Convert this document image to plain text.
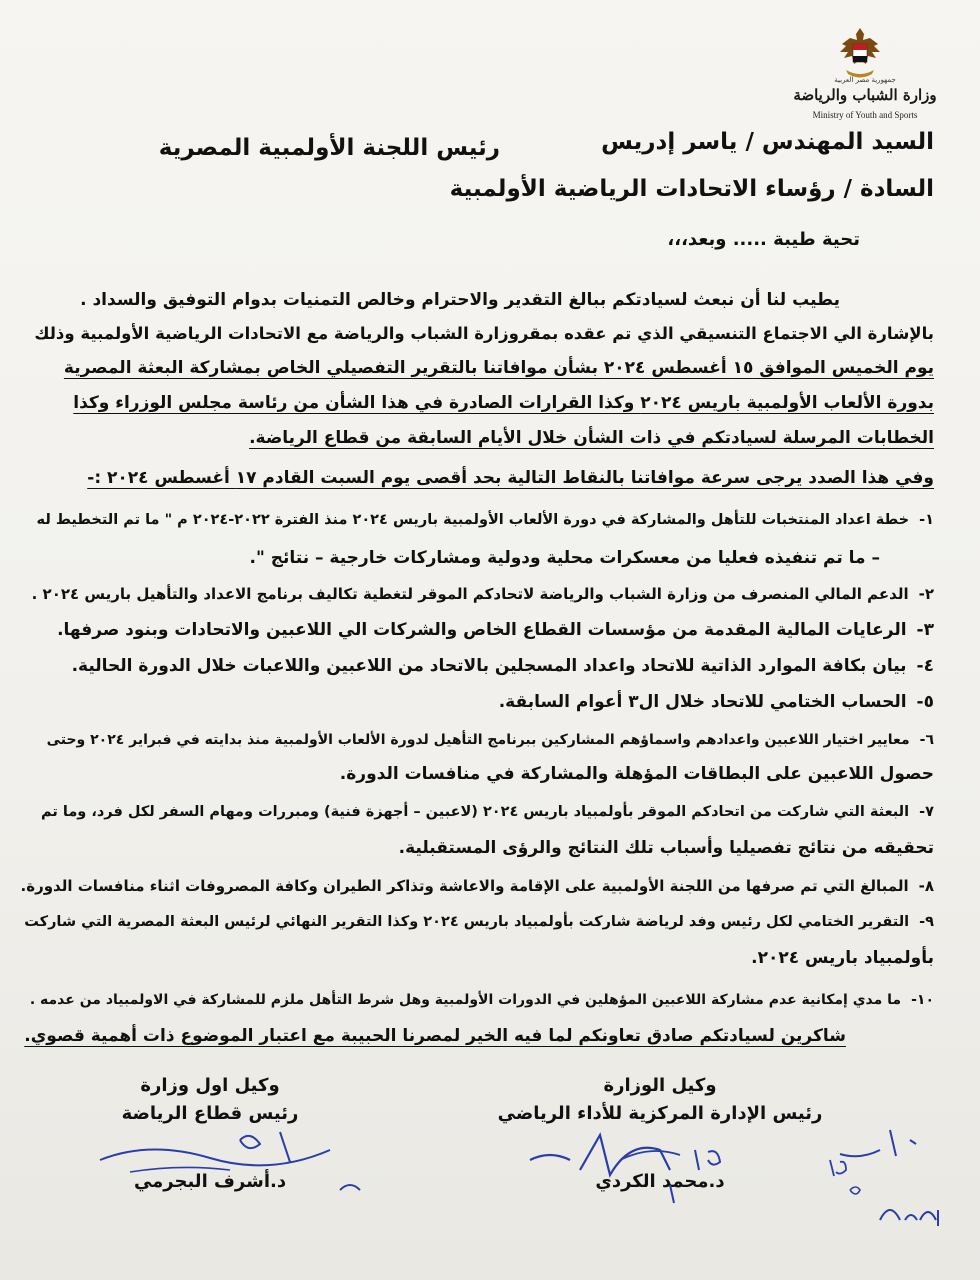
جمهورية مصر العربية
وزارة الشباب والرياضة
Ministry of Youth and Sports
السيد المهندس / ياسر إدريس
رئيس اللجنة الأولمبية المصرية
السادة / رؤساء الاتحادات الرياضية الأولمبية
تحية طيبة ..... وبعد،،،
يطيب لنا أن نبعث لسيادتكم ببالغ التقدير والاحترام وخالص التمنيات بدوام التوفيق والسداد .
بالإشارة الي الاجتماع التنسيقي الذي تم عقده بمقروزارة الشباب والرياضة مع الاتحادات الرياضية الأولمبية وذلك
يوم الخميس الموافق ١٥ أغسطس ٢٠٢٤ بشأن موافاتنا بالتقرير التفصيلي الخاص بمشاركة البعثة المصرية
بدورة الألعاب الأولمبية باريس ٢٠٢٤ وكذا القرارات الصادرة في هذا الشأن من رئاسة مجلس الوزراء وكذا
الخطابات المرسلة لسيادتكم في ذات الشأن خلال الأيام السابقة من قطاع الرياضة.
وفي هذا الصدد يرجى سرعة موافاتنا بالنقاط التالية بحد أقصى يوم السبت القادم ١٧ أغسطس ٢٠٢٤ :-
١-خطة اعداد المنتخبات للتأهل والمشاركة في دورة الألعاب الأولمبية باريس ٢٠٢٤ منذ الفترة ٢٠٢٢-٢٠٢٤ م " ما تم التخطيط له
– ما تم تنفيذه فعليا من معسكرات محلية ودولية ومشاركات خارجية – نتائج ".
٢-الدعم المالي المنصرف من وزارة الشباب والرياضة لاتحادكم الموقر لتغطية تكاليف برنامج الاعداد والتأهيل باريس ٢٠٢٤ .
٣-الرعايات المالية المقدمة من مؤسسات القطاع الخاص والشركات الي اللاعبين والاتحادات وبنود صرفها.
٤-بيان بكافة الموارد الذاتية للاتحاد واعداد المسجلين بالاتحاد من اللاعبين واللاعبات خلال الدورة الحالية.
٥-الحساب الختامي للاتحاد خلال ال٣ أعوام السابقة.
٦-معايير اختيار اللاعبين واعدادهم واسماؤهم المشاركين ببرنامج التأهيل لدورة الألعاب الأولمبية منذ بدايته في فبراير ٢٠٢٤ وحتى
حصول اللاعبين على البطاقات المؤهلة والمشاركة في منافسات الدورة.
٧-البعثة التي شاركت من اتحادكم الموقر بأولمبياد باريس ٢٠٢٤ (لاعبين – أجهزة فنية) ومبررات ومهام السفر لكل فرد، وما تم
تحقيقه من نتائج تفصيليا وأسباب تلك النتائج والرؤى المستقبلية.
٨-المبالغ التي تم صرفها من اللجنة الأولمبية على الإقامة والاعاشة وتذاكر الطيران وكافة المصروفات اثناء منافسات الدورة.
٩-التقرير الختامي لكل رئيس وفد لرياضة شاركت بأولمبياد باريس ٢٠٢٤ وكذا التقرير النهائي لرئيس البعثة المصرية التي شاركت
بأولمبياد باريس ٢٠٢٤.
١٠-ما مدي إمكانية عدم مشاركة اللاعبين المؤهلين في الدورات الأولمبية وهل شرط التأهل ملزم للمشاركة في الاولمبياد من عدمه .
شاكرين لسيادتكم صادق تعاونكم لما فيه الخير لمصرنا الحبيبة مع اعتبار الموضوع ذات أهمية قصوي.
وكيل الوزارة
رئيس الإدارة المركزية للأداء الرياضي
د.محمد الكردي
وكيل اول وزارة
رئيس قطاع الرياضة
د.أشرف البجرمي
